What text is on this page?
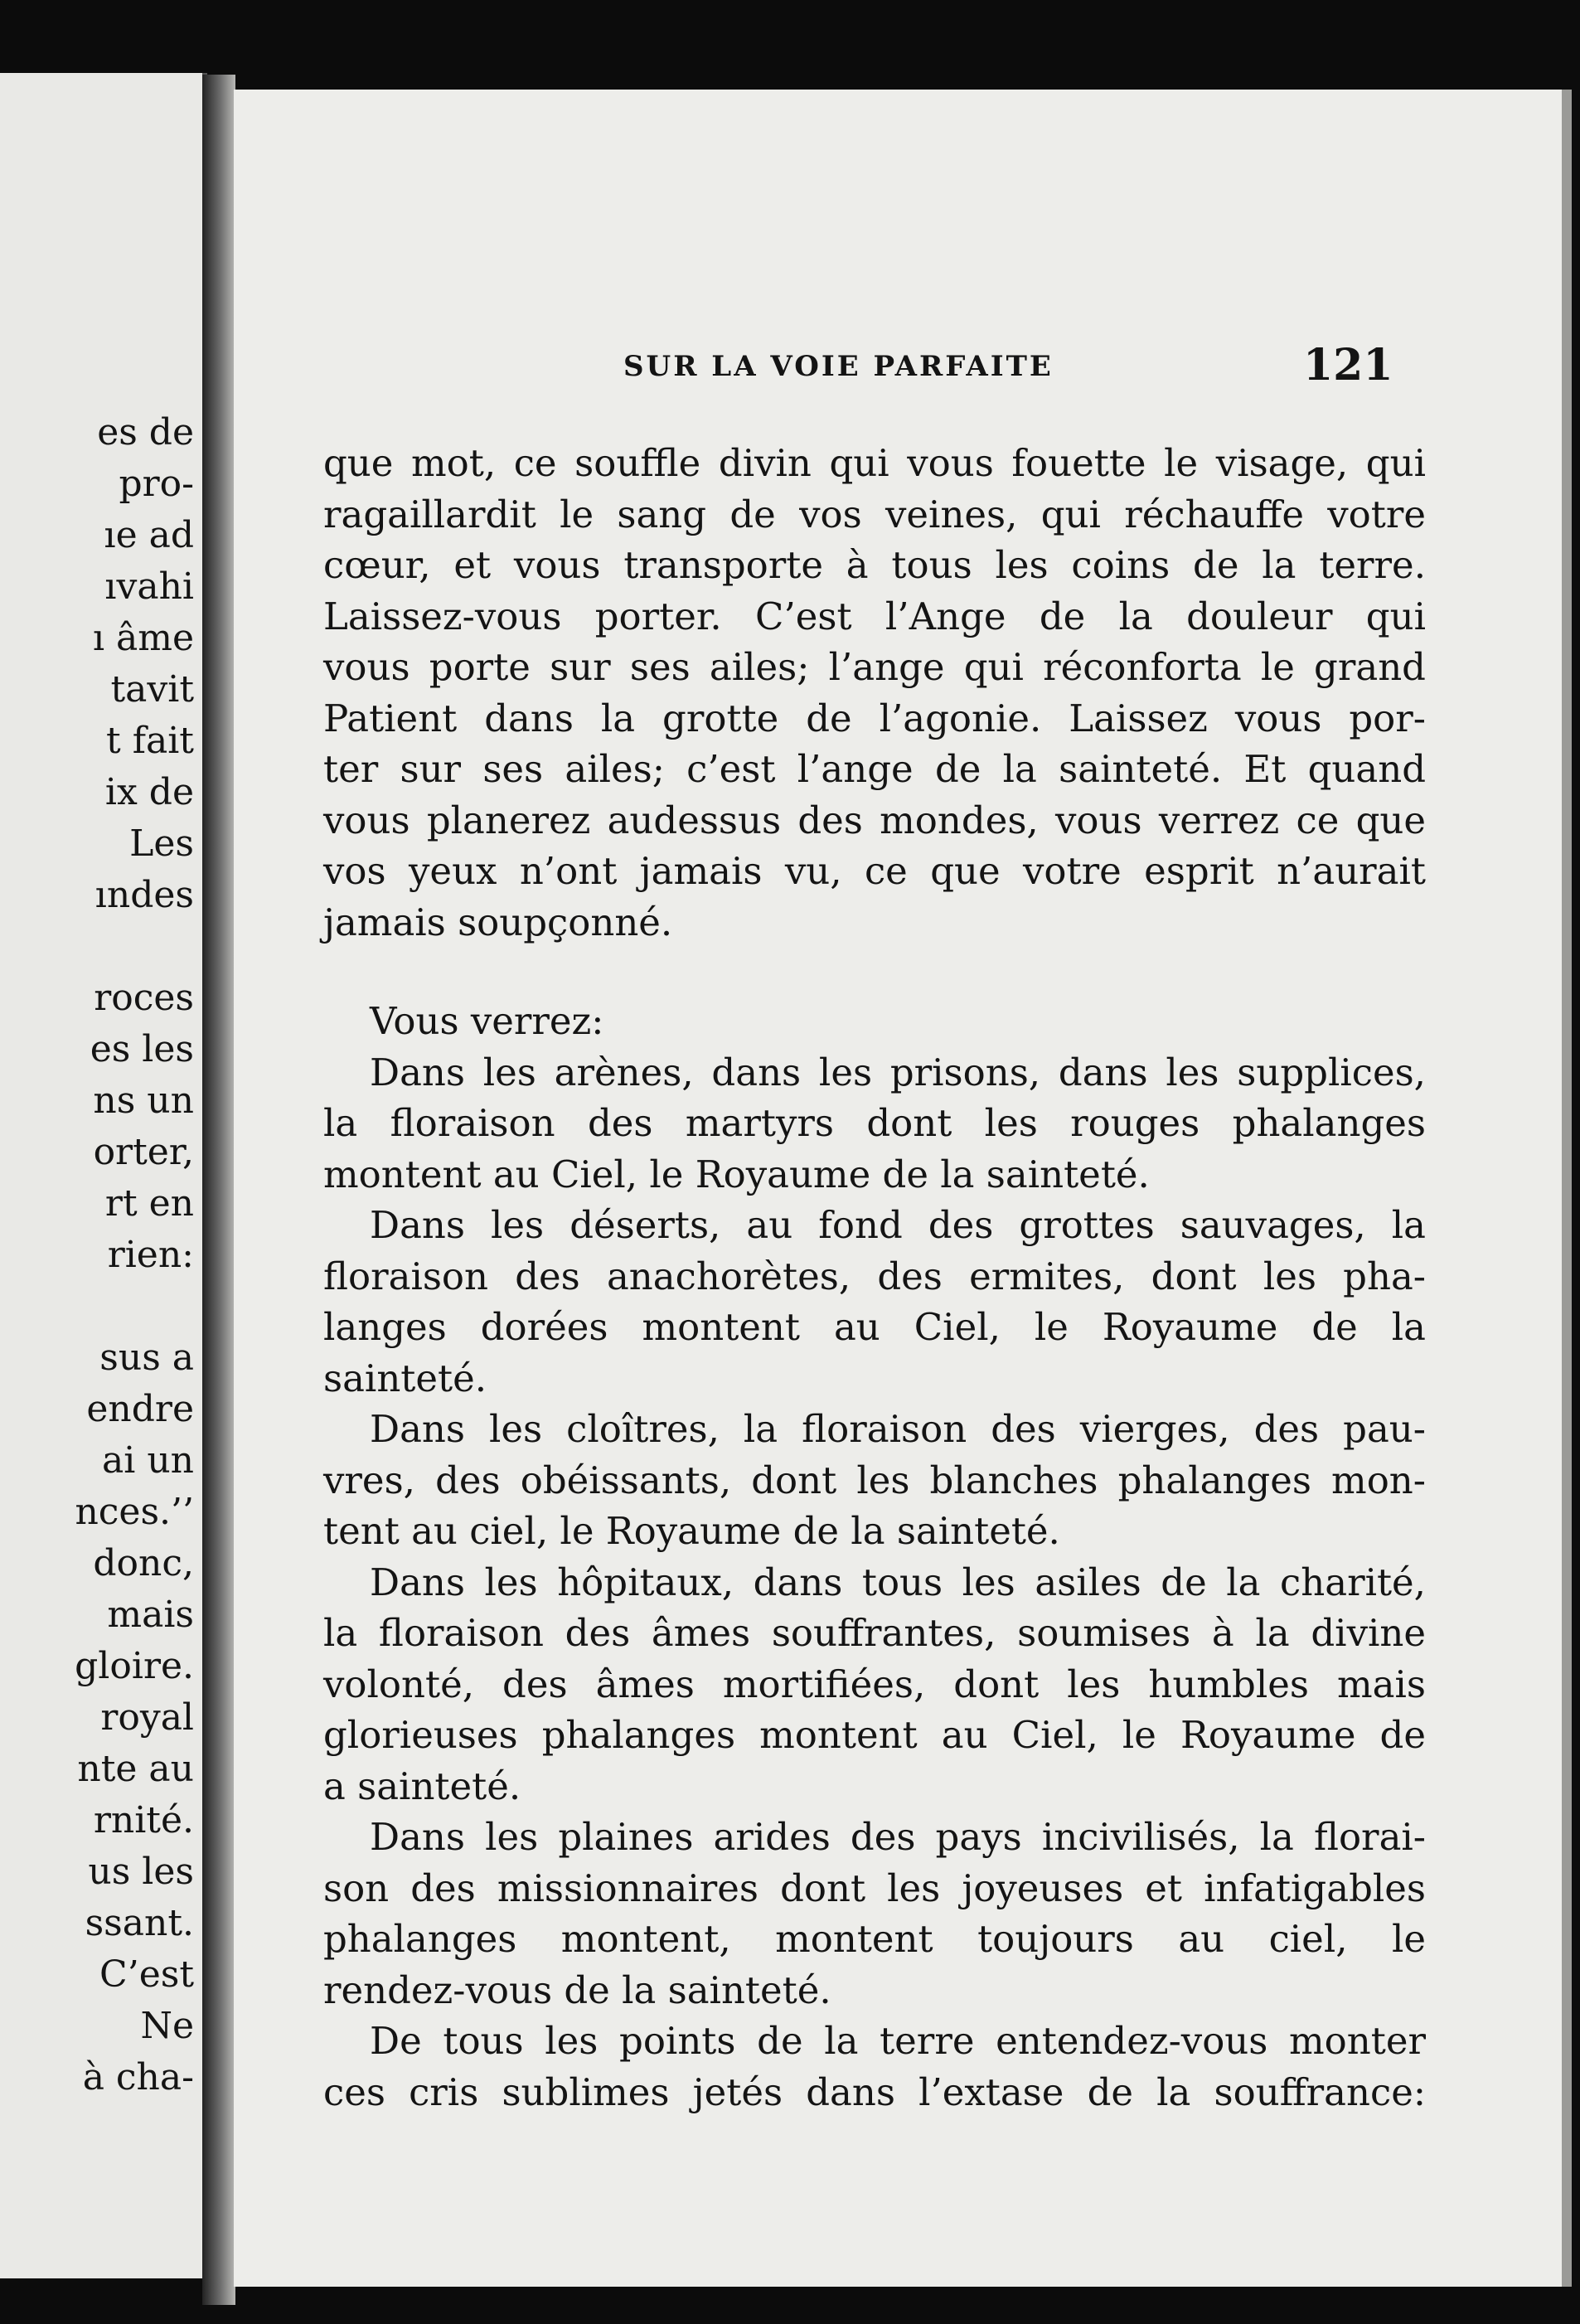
es de
pro-
ıe ad
ıvahi
ı âme
tavit
t fait
ix de
Les
ındes
roces
es les
ns un
orter,
rt en
rien:
sus a
endre
ai un
nces.’’
donc,
mais
gloire.
royal
nte au
rnité.
us les
ssant.
C’est
Ne
à cha-
SUR LA VOIE PARFAITE	121
que mot, ce souffle divin qui vous fouette le visage, qui
ragaillardit le sang de vos veines, qui réchauffe votre
cœur, et vous transporte à tous les coins de la terre.
Laissez-vous porter. C’est l’Ange de la douleur qui
vous porte sur ses ailes; l’ange qui réconforta le grand
Patient dans la grotte de l’agonie. Laissez vous por-
ter sur ses ailes; c’est l’ange de la sainteté. Et quand
vous planerez audessus des mondes, vous verrez ce que
vos yeux n’ont jamais vu, ce que votre esprit n’aurait
jamais soupçonné.
Vous verrez:
Dans les arènes, dans les prisons, dans les supplices,
la floraison des martyrs dont les rouges phalanges
montent au Ciel, le Royaume de la sainteté.
Dans les déserts, au fond des grottes sauvages, la
floraison des anachorètes, des ermites, dont les pha-
langes dorées montent au Ciel, le Royaume de la
sainteté.
Dans les cloîtres, la floraison des vierges, des pau-
vres, des obéissants, dont les blanches phalanges mon-
tent au ciel, le Royaume de la sainteté.
Dans les hôpitaux, dans tous les asiles de la charité,
la floraison des âmes souffrantes, soumises à la divine
volonté, des âmes mortifiées, dont les humbles mais
glorieuses phalanges montent au Ciel, le Royaume de
a sainteté.
Dans les plaines arides des pays incivilisés, la florai-
son des missionnaires dont les joyeuses et infatigables
phalanges montent, montent toujours au ciel, le
rendez-vous de la sainteté.
De tous les points de la terre entendez-vous monter
ces cris sublimes jetés dans l’extase de la souffrance:
